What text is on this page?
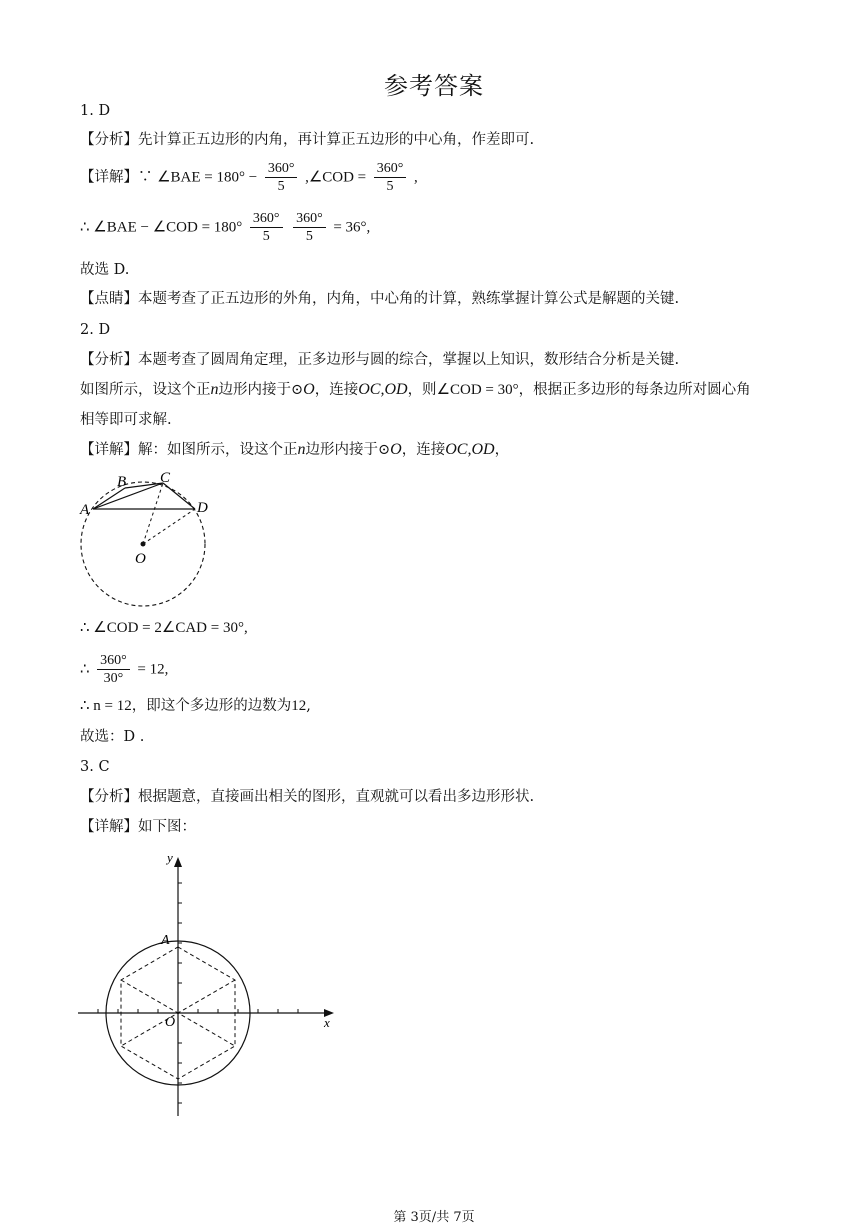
参考答案
1. D
【分析】先计算正五边形的内角，再计算正五边形的中心角，作差即可.
【详解】∵ ∠BAE = $180^\circ - \frac{360^\circ}{5}$ ,∠COD = $\frac{360^\circ}{5}$ ,
∴ ∠BAE − ∠COD = $180^\circ \frac{360^\circ}{5}$
$\frac{360^\circ}{5} = 36^\circ$,
故选 D.
【点睛】本题考查了正五边形的外角，内角，中心角的计算，熟练掌握计算公式是解题的关键.
2. D
【分析】本题考查了圆周角定理，正多边形与圆的综合，掌握以上知识，数形结合分析是关键.
如图所示，设这个正n边形内接于⊙O，连接OC,OD，则∠COD = 30°，根据正多边形的每条边所对圆心角
相等即可求解.
【详解】解：如图所示，设这个正n边形内接于⊙O，连接OC,OD，
A
B C
D
O
∴ ∠COD = 2∠CAD = 30°,
∴ $\frac{360^\circ}{30^\circ} = 12$,
∴ n = 12，即这个多边形的边数为12,
故选：D .
3. C
【分析】根据题意，直接画出相关的图形，直观就可以看出多边形形状.
【详解】如下图：
y
x
A
O
第 3页/共 7页
